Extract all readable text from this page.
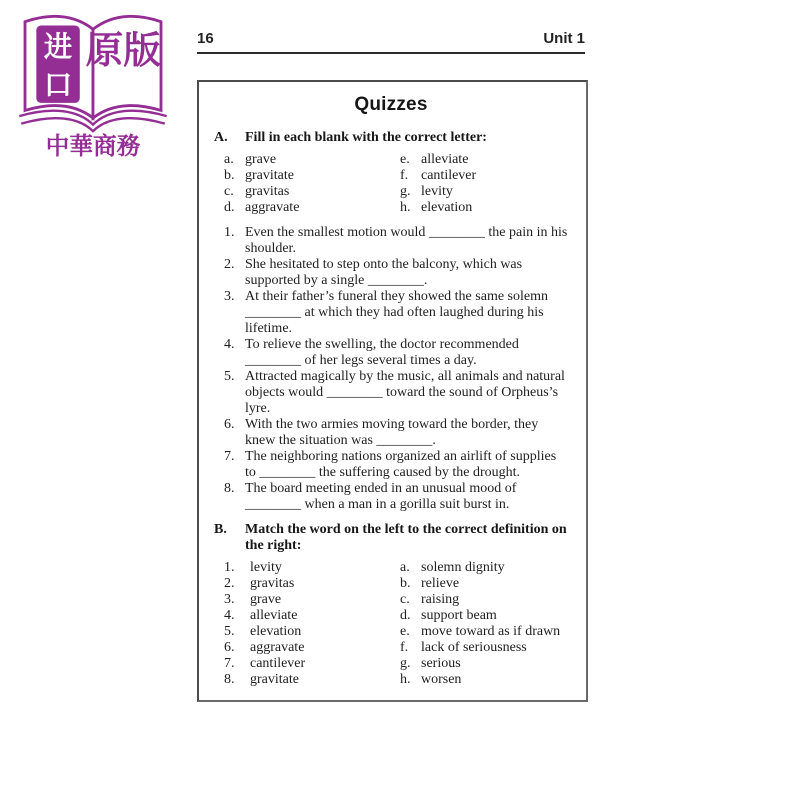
进
口
原版
中華商務
16	Unit 1
Quizzes
A.	Fill in each blank with the correct letter:
a. grave	e. alleviate
b. gravitate	f. cantilever
c. gravitas	g. levity
d. aggravate	h. elevation
1. Even the smallest motion would ________ the pain in his shoulder.
2. She hesitated to step onto the balcony, which was supported by a single ________.
3. At their father’s funeral they showed the same solemn ________ at which they had often laughed during his lifetime.
4. To relieve the swelling, the doctor recommended ________ of her legs several times a day.
5. Attracted magically by the music, all animals and natural objects would ________ toward the sound of Orpheus’s lyre.
6. With the two armies moving toward the border, they knew the situation was ________.
7. The neighboring nations organized an airlift of supplies to ________ the suffering caused by the drought.
8. The board meeting ended in an unusual mood of ________ when a man in a gorilla suit burst in.
B.	Match the word on the left to the correct definition on the right:
1.	levity	a. solemn dignity
2.	gravitas	b. relieve
3.	grave	c. raising
4.	alleviate	d. support beam
5.	elevation	e. move toward as if drawn
6.	aggravate	f. lack of seriousness
7.	cantilever	g. serious
8.	gravitate	h. worsen
